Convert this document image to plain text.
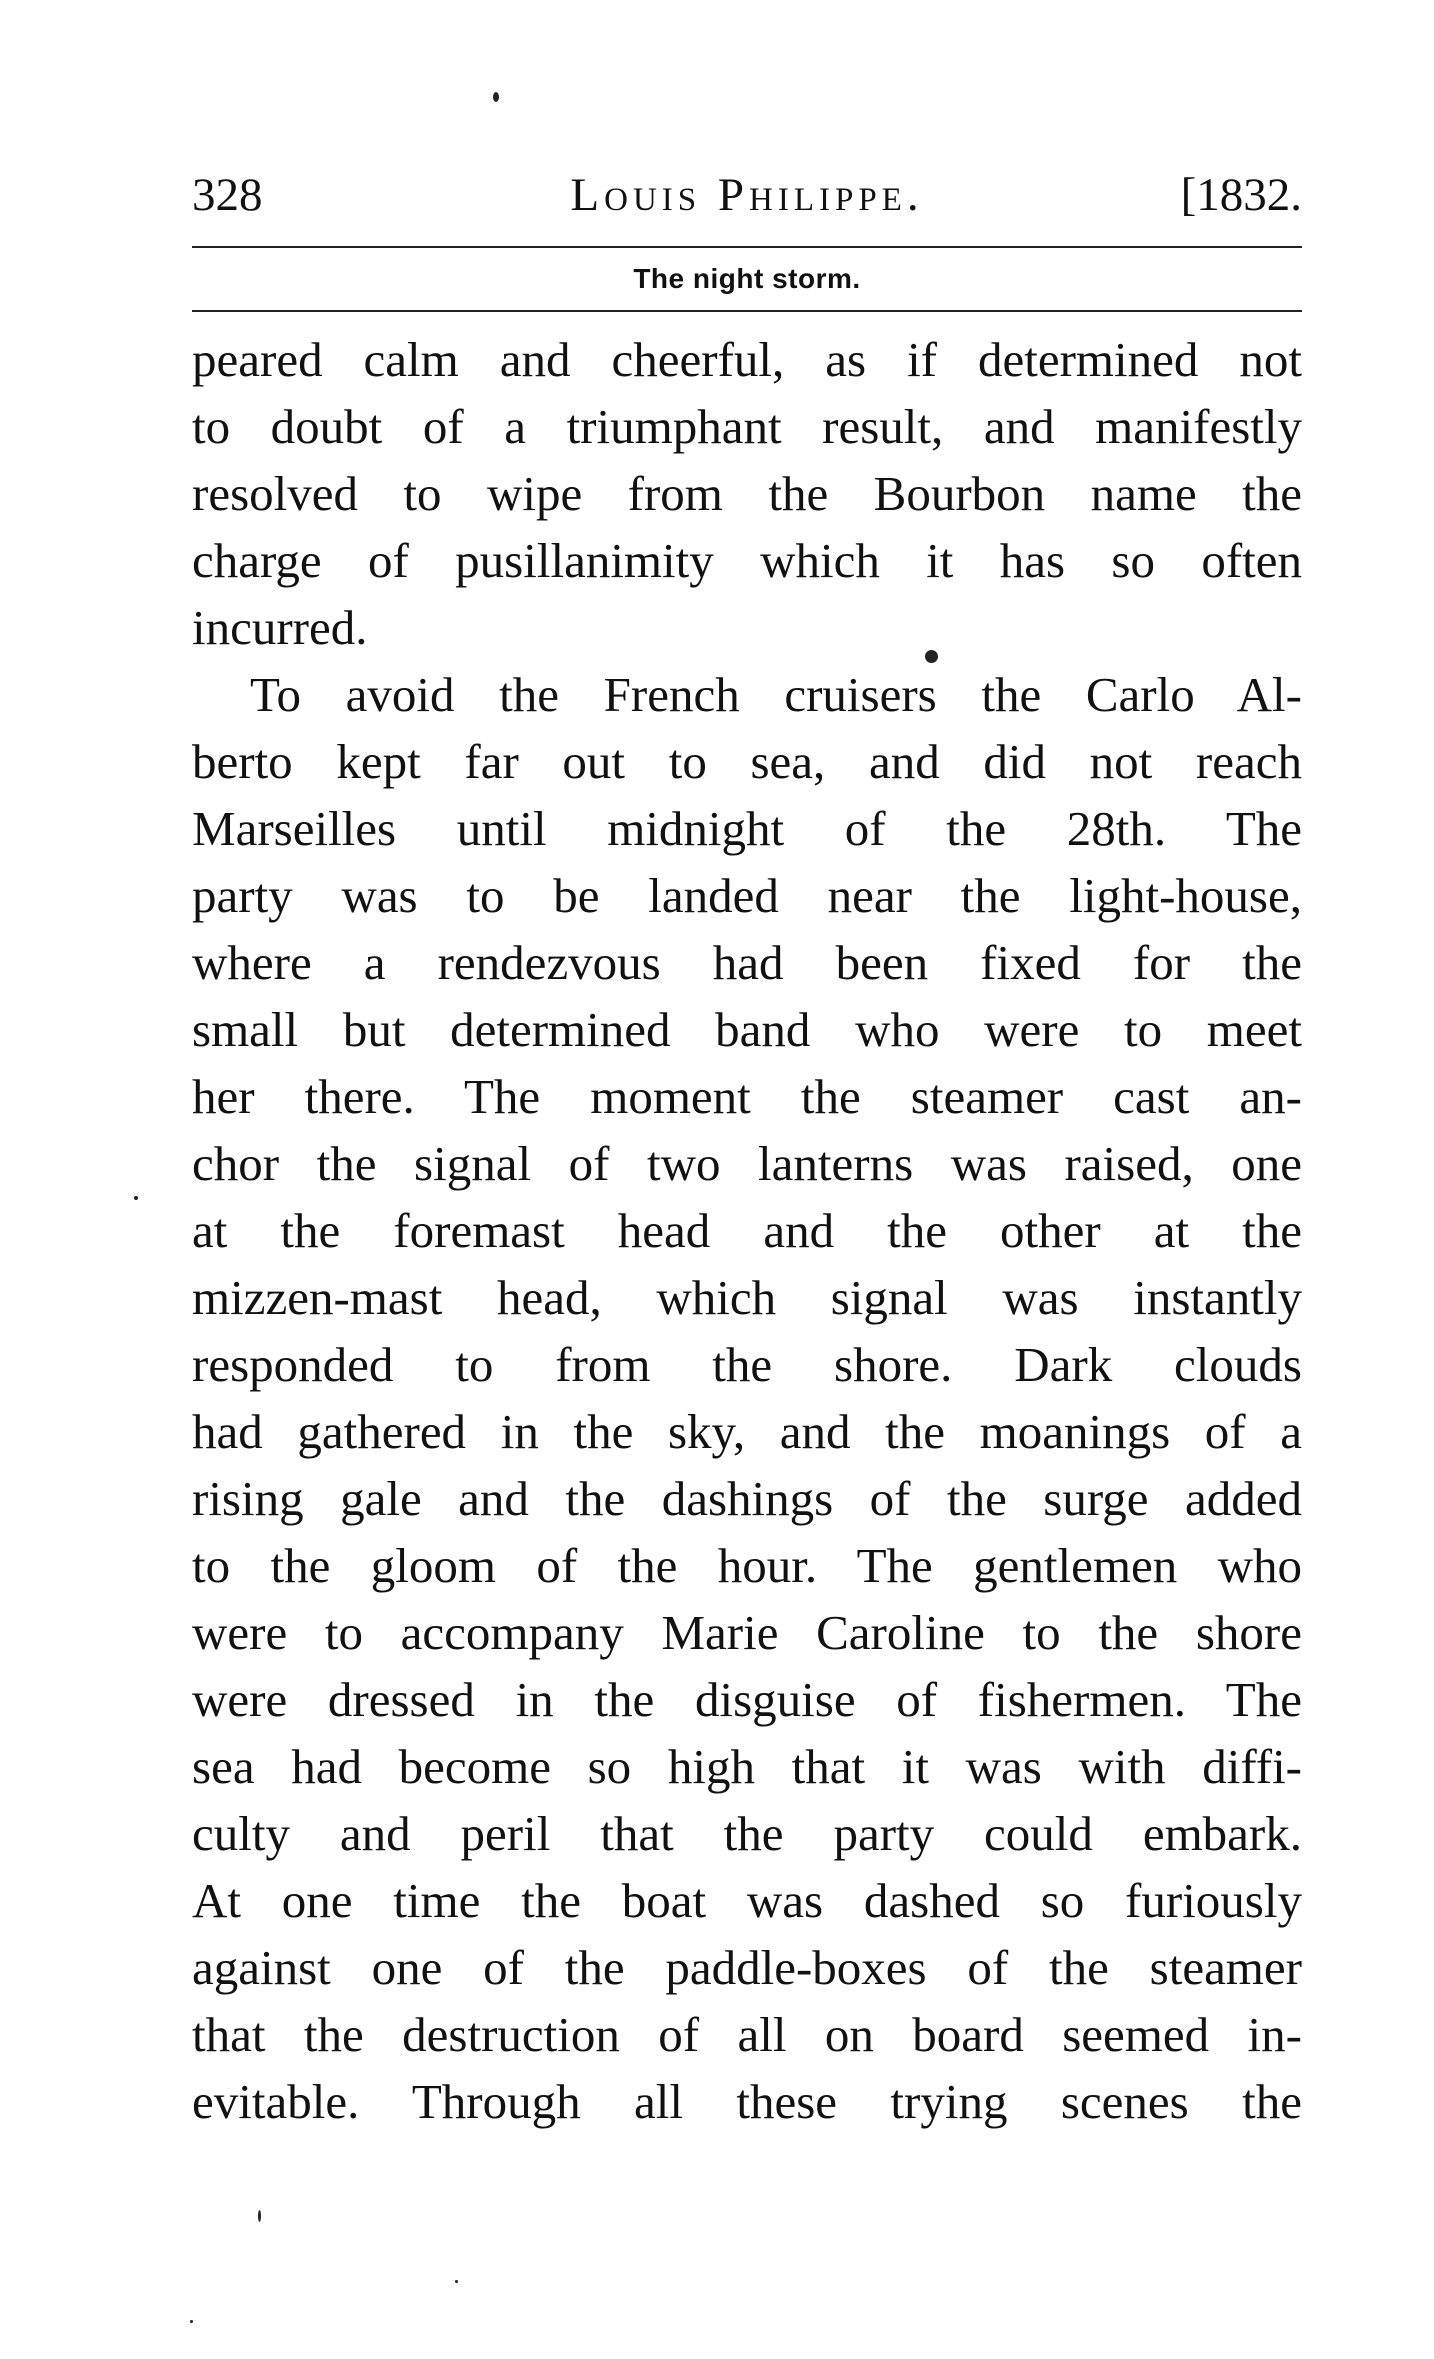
328	Louis Philippe.	[1832.
The night storm.
peared calm and cheerful, as if determined not
to doubt of a triumphant result, and manifestly
resolved to wipe from the Bourbon name the
charge of pusillanimity which it has so often
incurred.
To avoid the French cruisers the Carlo Al-
berto kept far out to sea, and did not reach
Marseilles until midnight of the 28th. The
party was to be landed near the light-house,
where a rendezvous had been fixed for the
small but determined band who were to meet
her there. The moment the steamer cast an-
chor the signal of two lanterns was raised, one
at the foremast head and the other at the
mizzen-mast head, which signal was instantly
responded to from the shore. Dark clouds
had gathered in the sky, and the moanings of a
rising gale and the dashings of the surge added
to the gloom of the hour. The gentlemen who
were to accompany Marie Caroline to the shore
were dressed in the disguise of fishermen. The
sea had become so high that it was with diffi-
culty and peril that the party could embark.
At one time the boat was dashed so furiously
against one of the paddle-boxes of the steamer
that the destruction of all on board seemed in-
evitable. Through all these trying scenes the
